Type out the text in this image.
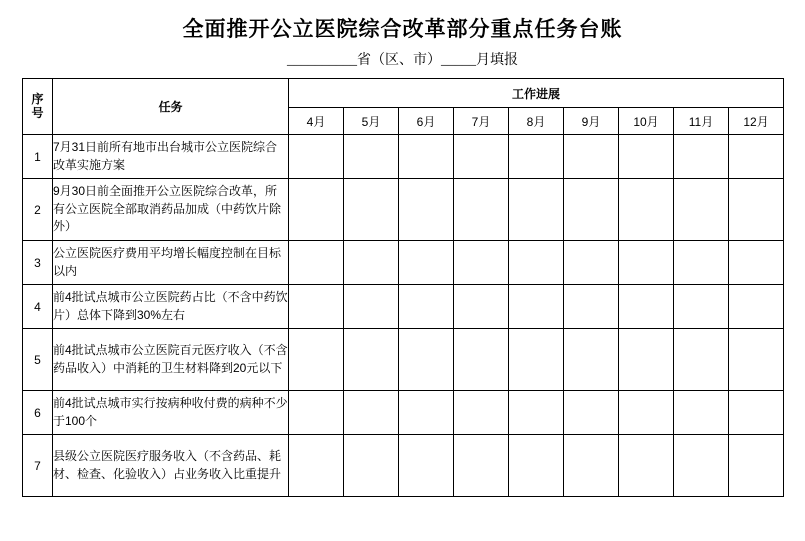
全面推开公立医院综合改革部分重点任务台账
__________省（区、市）_____月填报
序
号	任务	工作进展								
		4月	5月	6月	7月	8月	9月	10月	11月	12月
1	7月31日前所有地市出台城市公立医院综合改革实施方案									
2	9月30日前全面推开公立医院综合改革，所有公立医院全部取消药品加成（中药饮片除外）									
3	公立医院医疗费用平均增长幅度控制在目标以内									
4	前4批试点城市公立医院药占比（不含中药饮片）总体下降到30%左右									
5	前4批试点城市公立医院百元医疗收入（不含药品收入）中消耗的卫生材料降到20元以下									
6	前4批试点城市实行按病种收付费的病种不少于100个									
7	县级公立医院医疗服务收入（不含药品、耗材、检查、化验收入）占业务收入比重提升									
